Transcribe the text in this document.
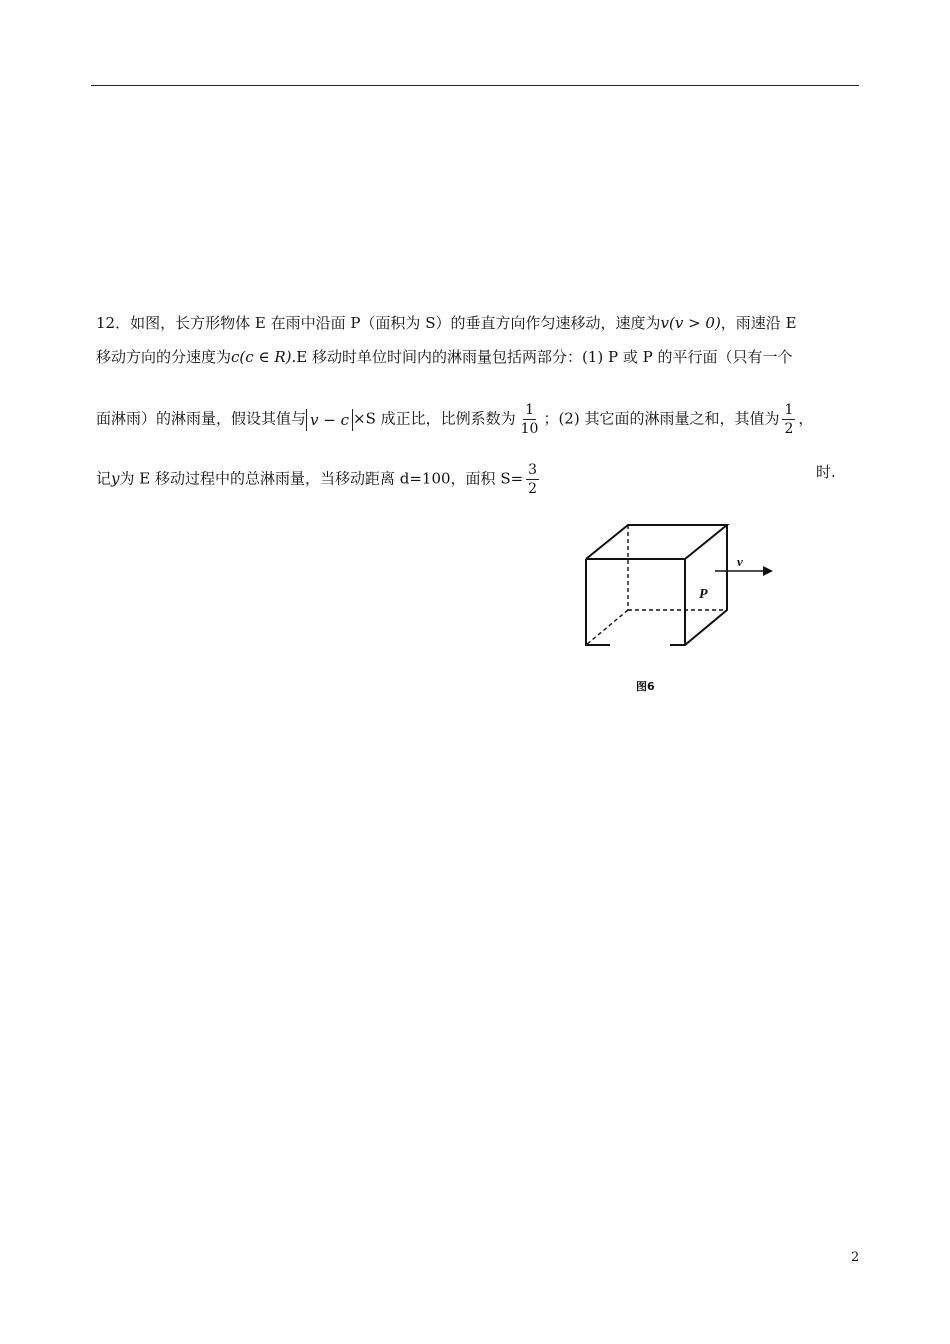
12．如图，长方形物体 E 在雨中沿面 P（面积为 S）的垂直方向作匀速移动，速度为v(v > 0)，雨速沿 E
移动方向的分速度为c(c ∈ R).E 移动时单位时间内的淋雨量包括两部分：(1) P 或 P 的平行面（只有一个
面淋雨）的淋雨量，假设其值与 v − c ×S 成正比，比例系数为 $\frac{1}{10}$ ；(2) 其它面的淋雨量之和，其值为 $\frac{1}{2}$ ，
记y为 E 移动过程中的总淋雨量，当移动距离 d=100，面积 $S= \frac{3}{2}$	时.
v
P
图6
2
